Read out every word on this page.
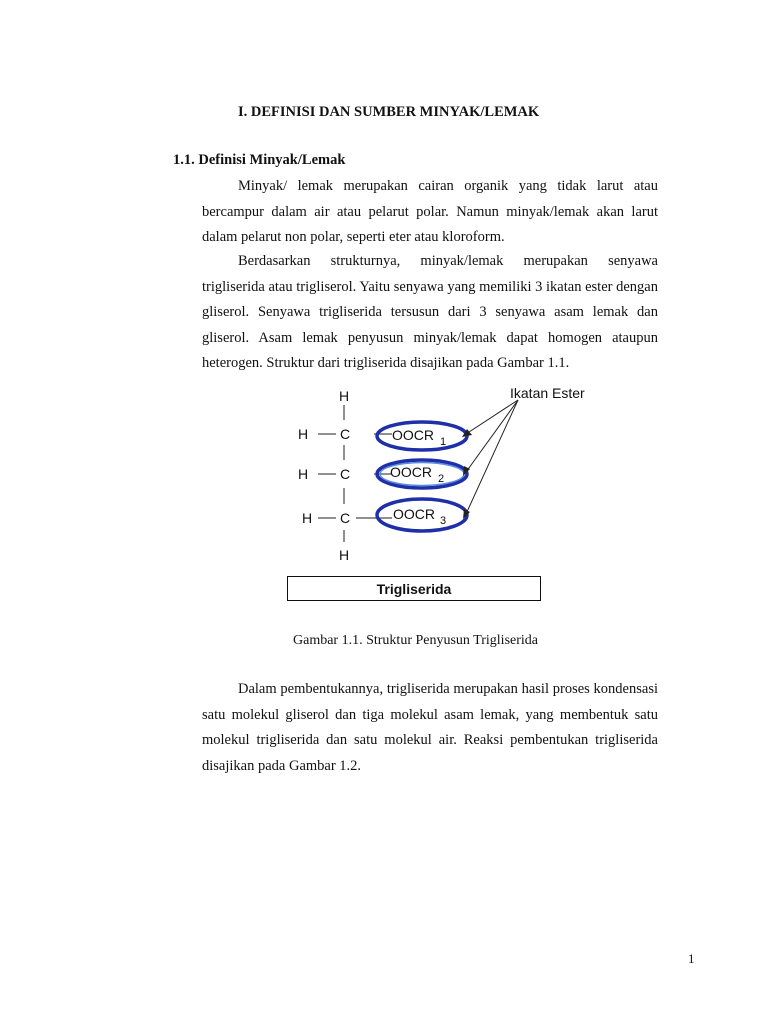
I. DEFINISI DAN SUMBER MINYAK/LEMAK
1.1. Definisi Minyak/Lemak

Minyak/ lemak merupakan cairan organik yang tidak larut atau bercampur dalam air atau pelarut polar. Namun minyak/lemak akan larut dalam pelarut non polar, seperti eter atau kloroform.

Berdasarkan strukturnya, minyak/lemak merupakan senyawa trigliserida atau trigliserol. Yaitu senyawa yang memiliki 3 ikatan ester dengan gliserol. Senyawa trigliserida tersusun dari 3 senyawa asam lemak dan gliserol. Asam lemak penyusun minyak/lemak dapat homogen ataupun heterogen. Struktur dari trigliserida disajikan pada Gambar 1.1.

H
H C
H C
H C
H
OOCR 1
OOCR 2
OOCR 3
Ikatan Ester
Trigliserida
Gambar 1.1. Struktur Penyusun Trigliserida

Dalam pembentukannya, trigliserida merupakan hasil proses kondensasi satu molekul gliserol dan tiga molekul asam lemak, yang membentuk satu molekul trigliserida dan satu molekul air. Reaksi pembentukan trigliserida disajikan pada Gambar 1.2.

1
